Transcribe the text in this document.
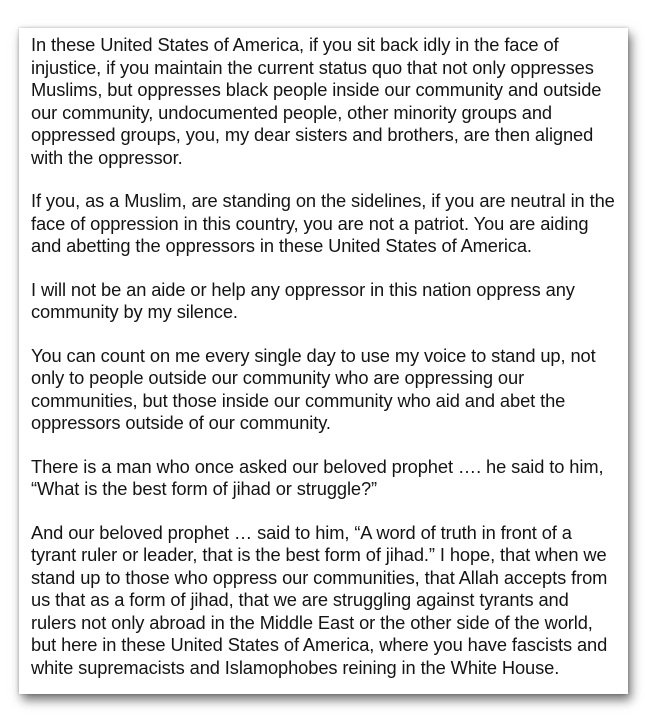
In these United States of America, if you sit back idly in the face of injustice, if you maintain the current status quo that not only oppresses Muslims, but oppresses black people inside our community and outside our community, undocumented people, other minority groups and oppressed groups, you, my dear sisters and brothers, are then aligned with the oppressor.

If you, as a Muslim, are standing on the sidelines, if you are neutral in the face of oppression in this country, you are not a patriot. You are aiding and abetting the oppressors in these United States of America.

I will not be an aide or help any oppressor in this nation oppress any community by my silence.

You can count on me every single day to use my voice to stand up, not only to people outside our community who are oppressing our communities, but those inside our community who aid and abet the oppressors outside of our community.

There is a man who once asked our beloved prophet …. he said to him, “What is the best form of jihad or struggle?”

And our beloved prophet … said to him, “A word of truth in front of a tyrant ruler or leader, that is the best form of jihad.” I hope, that when we stand up to those who oppress our communities, that Allah accepts from us that as a form of jihad, that we are struggling against tyrants and rulers not only abroad in the Middle East or the other side of the world, but here in these United States of America, where you have fascists and white supremacists and Islamophobes reining in the White House.
